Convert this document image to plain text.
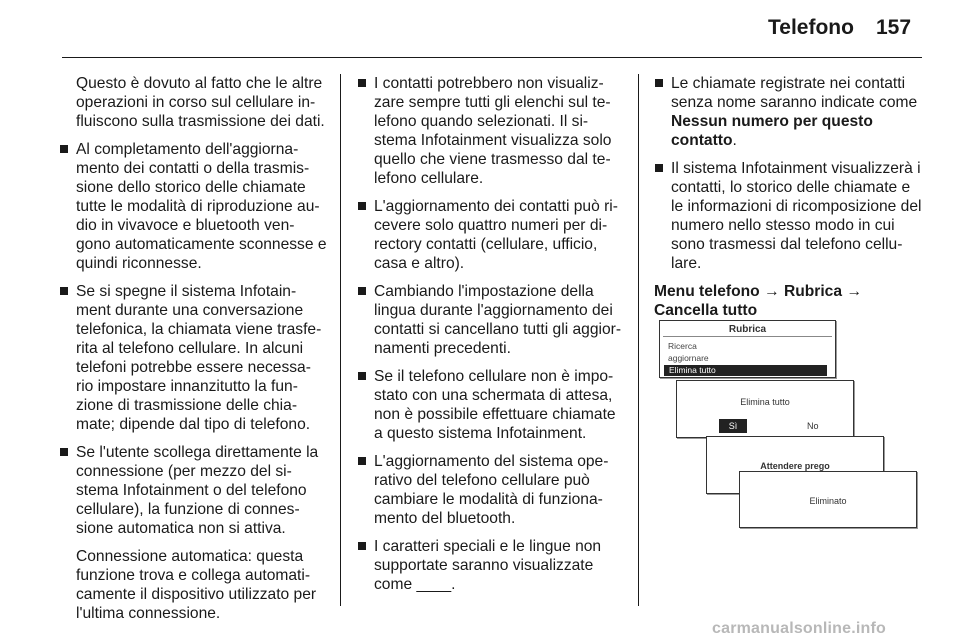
Telefono 157

Questo è dovuto al fatto che le altre operazioni in corso sul cellulare in-fluiscono sulla trasmissione dei dati.

Al completamento dell'aggiorna-mento dei contatti o della trasmis-sione dello storico delle chiamate tutte le modalità di riproduzione au-dio in vivavoce e bluetooth ven-gono automaticamente sconnesse e quindi riconnesse.

Se si spegne il sistema Infotain-ment durante una conversazione telefonica, la chiamata viene trasfe-rita al telefono cellulare. In alcuni telefoni potrebbe essere necessa-rio impostare innanzitutto la fun-zione di trasmissione delle chia-mate; dipende dal tipo di telefono.

Se l'utente scollega direttamente la connessione (per mezzo del si-stema Infotainment o del telefono cellulare), la funzione di connes-sione automatica non si attiva.

Connessione automatica: questa funzione trova e collega automati-camente il dispositivo utilizzato per l'ultima connessione.

I contatti potrebbero non visualiz-zare sempre tutti gli elenchi sul te-lefono quando selezionati. Il si-stema Infotainment visualizza solo quello che viene trasmesso dal te-lefono cellulare.

L'aggiornamento dei contatti può ri-cevere solo quattro numeri per di-rectory contatti (cellulare, ufficio, casa e altro).

Cambiando l'impostazione della lingua durante l'aggiornamento dei contatti si cancellano tutti gli aggior-namenti precedenti.

Se il telefono cellulare non è impo-stato con una schermata di attesa, non è possibile effettuare chiamate a questo sistema Infotainment.

L'aggiornamento del sistema ope-rativo del telefono cellulare può cambiare le modalità di funziona-mento del bluetooth.

I caratteri speciali e le lingue non supportate saranno visualizzate come ____.

Le chiamate registrate nei contatti senza nome saranno indicate come Nessun numero per questo contatto.

Il sistema Infotainment visualizzerà i contatti, lo storico delle chiamate e le informazioni di ricomposizione del numero nello stesso modo in cui sono trasmessi dal telefono cellu-lare.

Menu telefono → Rubrica → Cancella tutto

Rubrica
Ricerca
aggiornare
Elimina tutto
Elimina tutto
Sì	No
Attendere prego
Eliminato
carmanualsonline.info
